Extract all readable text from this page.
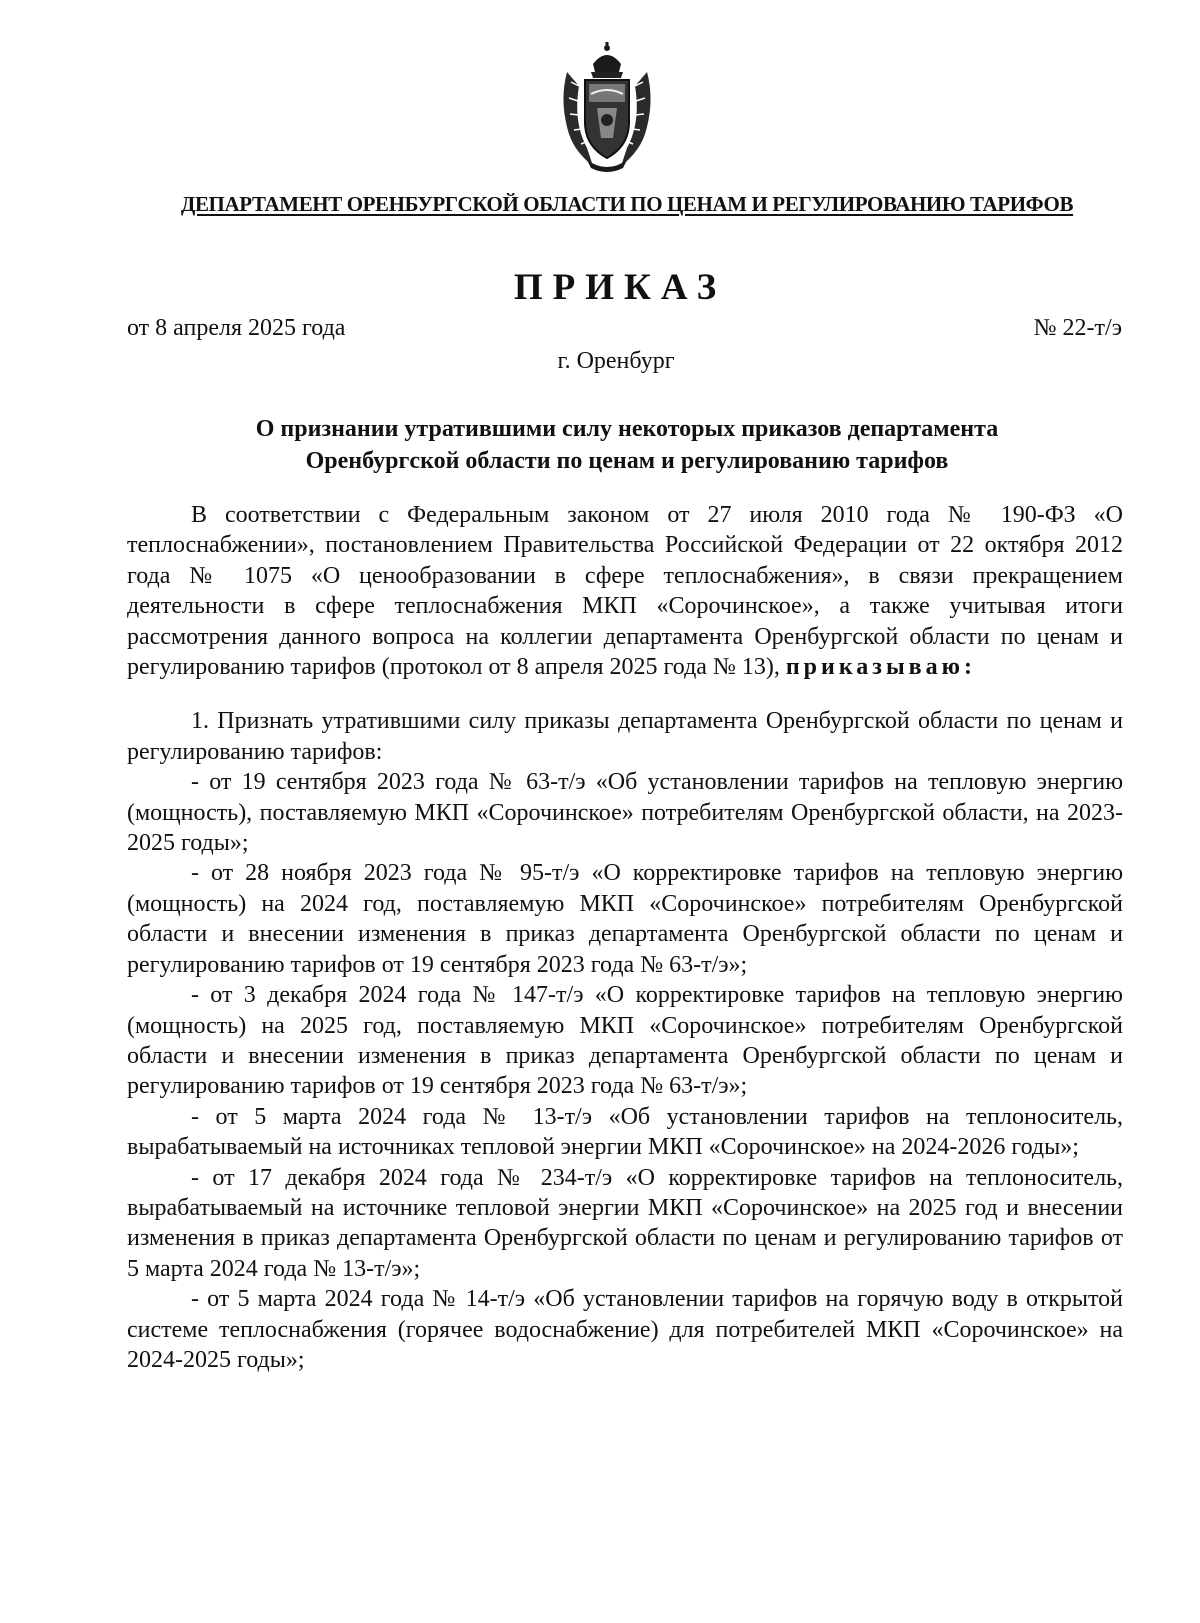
ДЕПАРТАМЕНТ ОРЕНБУРГСКОЙ ОБЛАСТИ ПО ЦЕНАМ И РЕГУЛИРОВАНИЮ ТАРИФОВ
ПРИКАЗ
от 8 апреля 2025 года	№ 22-т/э
г. Оренбург
О признании утратившими силу некоторых приказов департамента
Оренбургской области по ценам и регулированию тарифов

В соответствии с Федеральным законом от 27 июля 2010 года № 190-ФЗ «О теплоснабжении», постановлением Правительства Российской Федерации от 22 октября 2012 года № 1075 «О ценообразовании в сфере теплоснабжения», в связи прекращением деятельности в сфере теплоснабжения МКП «Сорочинское», а также учитывая итоги рассмотрения данного вопроса на коллегии департамента Оренбургской области по ценам и регулированию тарифов (протокол от 8 апреля 2025 года № 13), приказываю:

1. Признать утратившими силу приказы департамента Оренбургской области по ценам и регулированию тарифов:

- от 19 сентября 2023 года № 63-т/э «Об установлении тарифов на тепловую энергию (мощность), поставляемую МКП «Сорочинское» потребителям Оренбургской области, на 2023-2025 годы»;

- от 28 ноября 2023 года № 95-т/э «О корректировке тарифов на тепловую энергию (мощность) на 2024 год, поставляемую МКП «Сорочинское» потребителям Оренбургской области и внесении изменения в приказ департамента Оренбургской области по ценам и регулированию тарифов от 19 сентября 2023 года № 63-т/э»;

- от 3 декабря 2024 года № 147-т/э «О корректировке тарифов на тепловую энергию (мощность) на 2025 год, поставляемую МКП «Сорочинское» потребителям Оренбургской области и внесении изменения в приказ департамента Оренбургской области по ценам и регулированию тарифов от 19 сентября 2023 года № 63-т/э»;

- от 5 марта 2024 года № 13-т/э «Об установлении тарифов на теплоноситель, вырабатываемый на источниках тепловой энергии МКП «Сорочинское» на 2024-2026 годы»;

- от 17 декабря 2024 года № 234-т/э «О корректировке тарифов на теплоноситель, вырабатываемый на источнике тепловой энергии МКП «Сорочинское» на 2025 год и внесении изменения в приказ департамента Оренбургской области по ценам и регулированию тарифов от 5 марта 2024 года № 13-т/э»;

- от 5 марта 2024 года № 14-т/э «Об установлении тарифов на горячую воду в открытой системе теплоснабжения (горячее водоснабжение) для потребителей МКП «Сорочинское» на 2024-2025 годы»;
